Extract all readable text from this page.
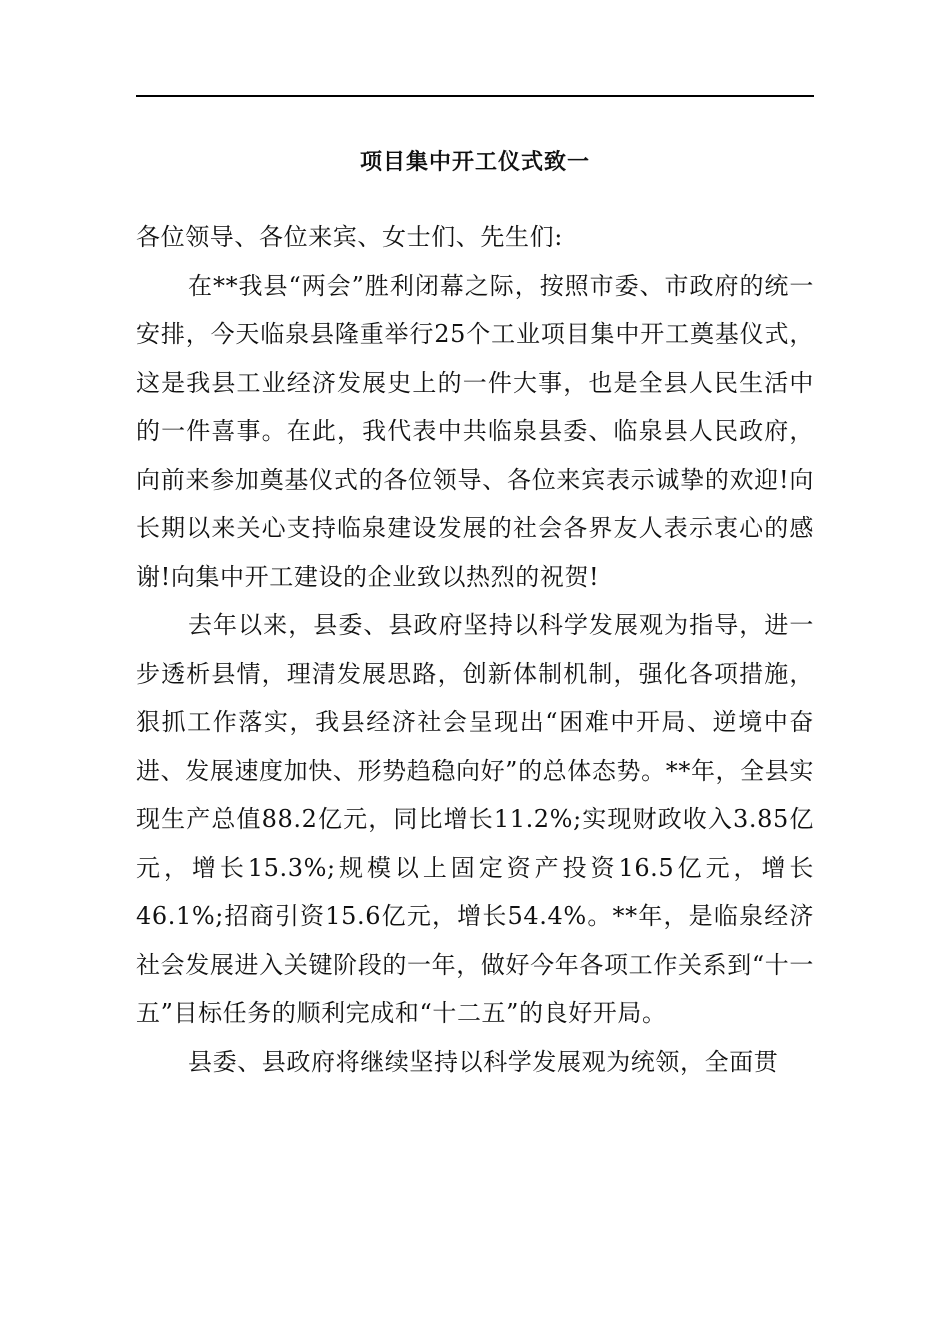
项目集中开工仪式致一

各位领导、各位来宾、女士们、先生们:

在**我县“两会”胜利闭幕之际，按照市委、市政府的统一安排，今天临泉县隆重举行25个工业项目集中开工奠基仪式，这是我县工业经济发展史上的一件大事，也是全县人民生活中的一件喜事。在此，我代表中共临泉县委、临泉县人民政府，向前来参加奠基仪式的各位领导、各位来宾表示诚挚的欢迎!向长期以来关心支持临泉建设发展的社会各界友人表示衷心的感谢!向集中开工建设的企业致以热烈的祝贺!

去年以来，县委、县政府坚持以科学发展观为指导，进一步透析县情，理清发展思路，创新体制机制，强化各项措施，狠抓工作落实，我县经济社会呈现出“困难中开局、逆境中奋进、发展速度加快、形势趋稳向好”的总体态势。**年，全县实现生产总值88.2亿元，同比增长11.2%;实现财政收入3.85亿元，增长15.3%;规模以上固定资产投资16.5亿元，增长46.1%;招商引资15.6亿元，增长54.4%。**年，是临泉经济社会发展进入关键阶段的一年，做好今年各项工作关系到“十一五”目标任务的顺利完成和“十二五”的良好开局。

县委、县政府将继续坚持以科学发展观为统领，全面贯
